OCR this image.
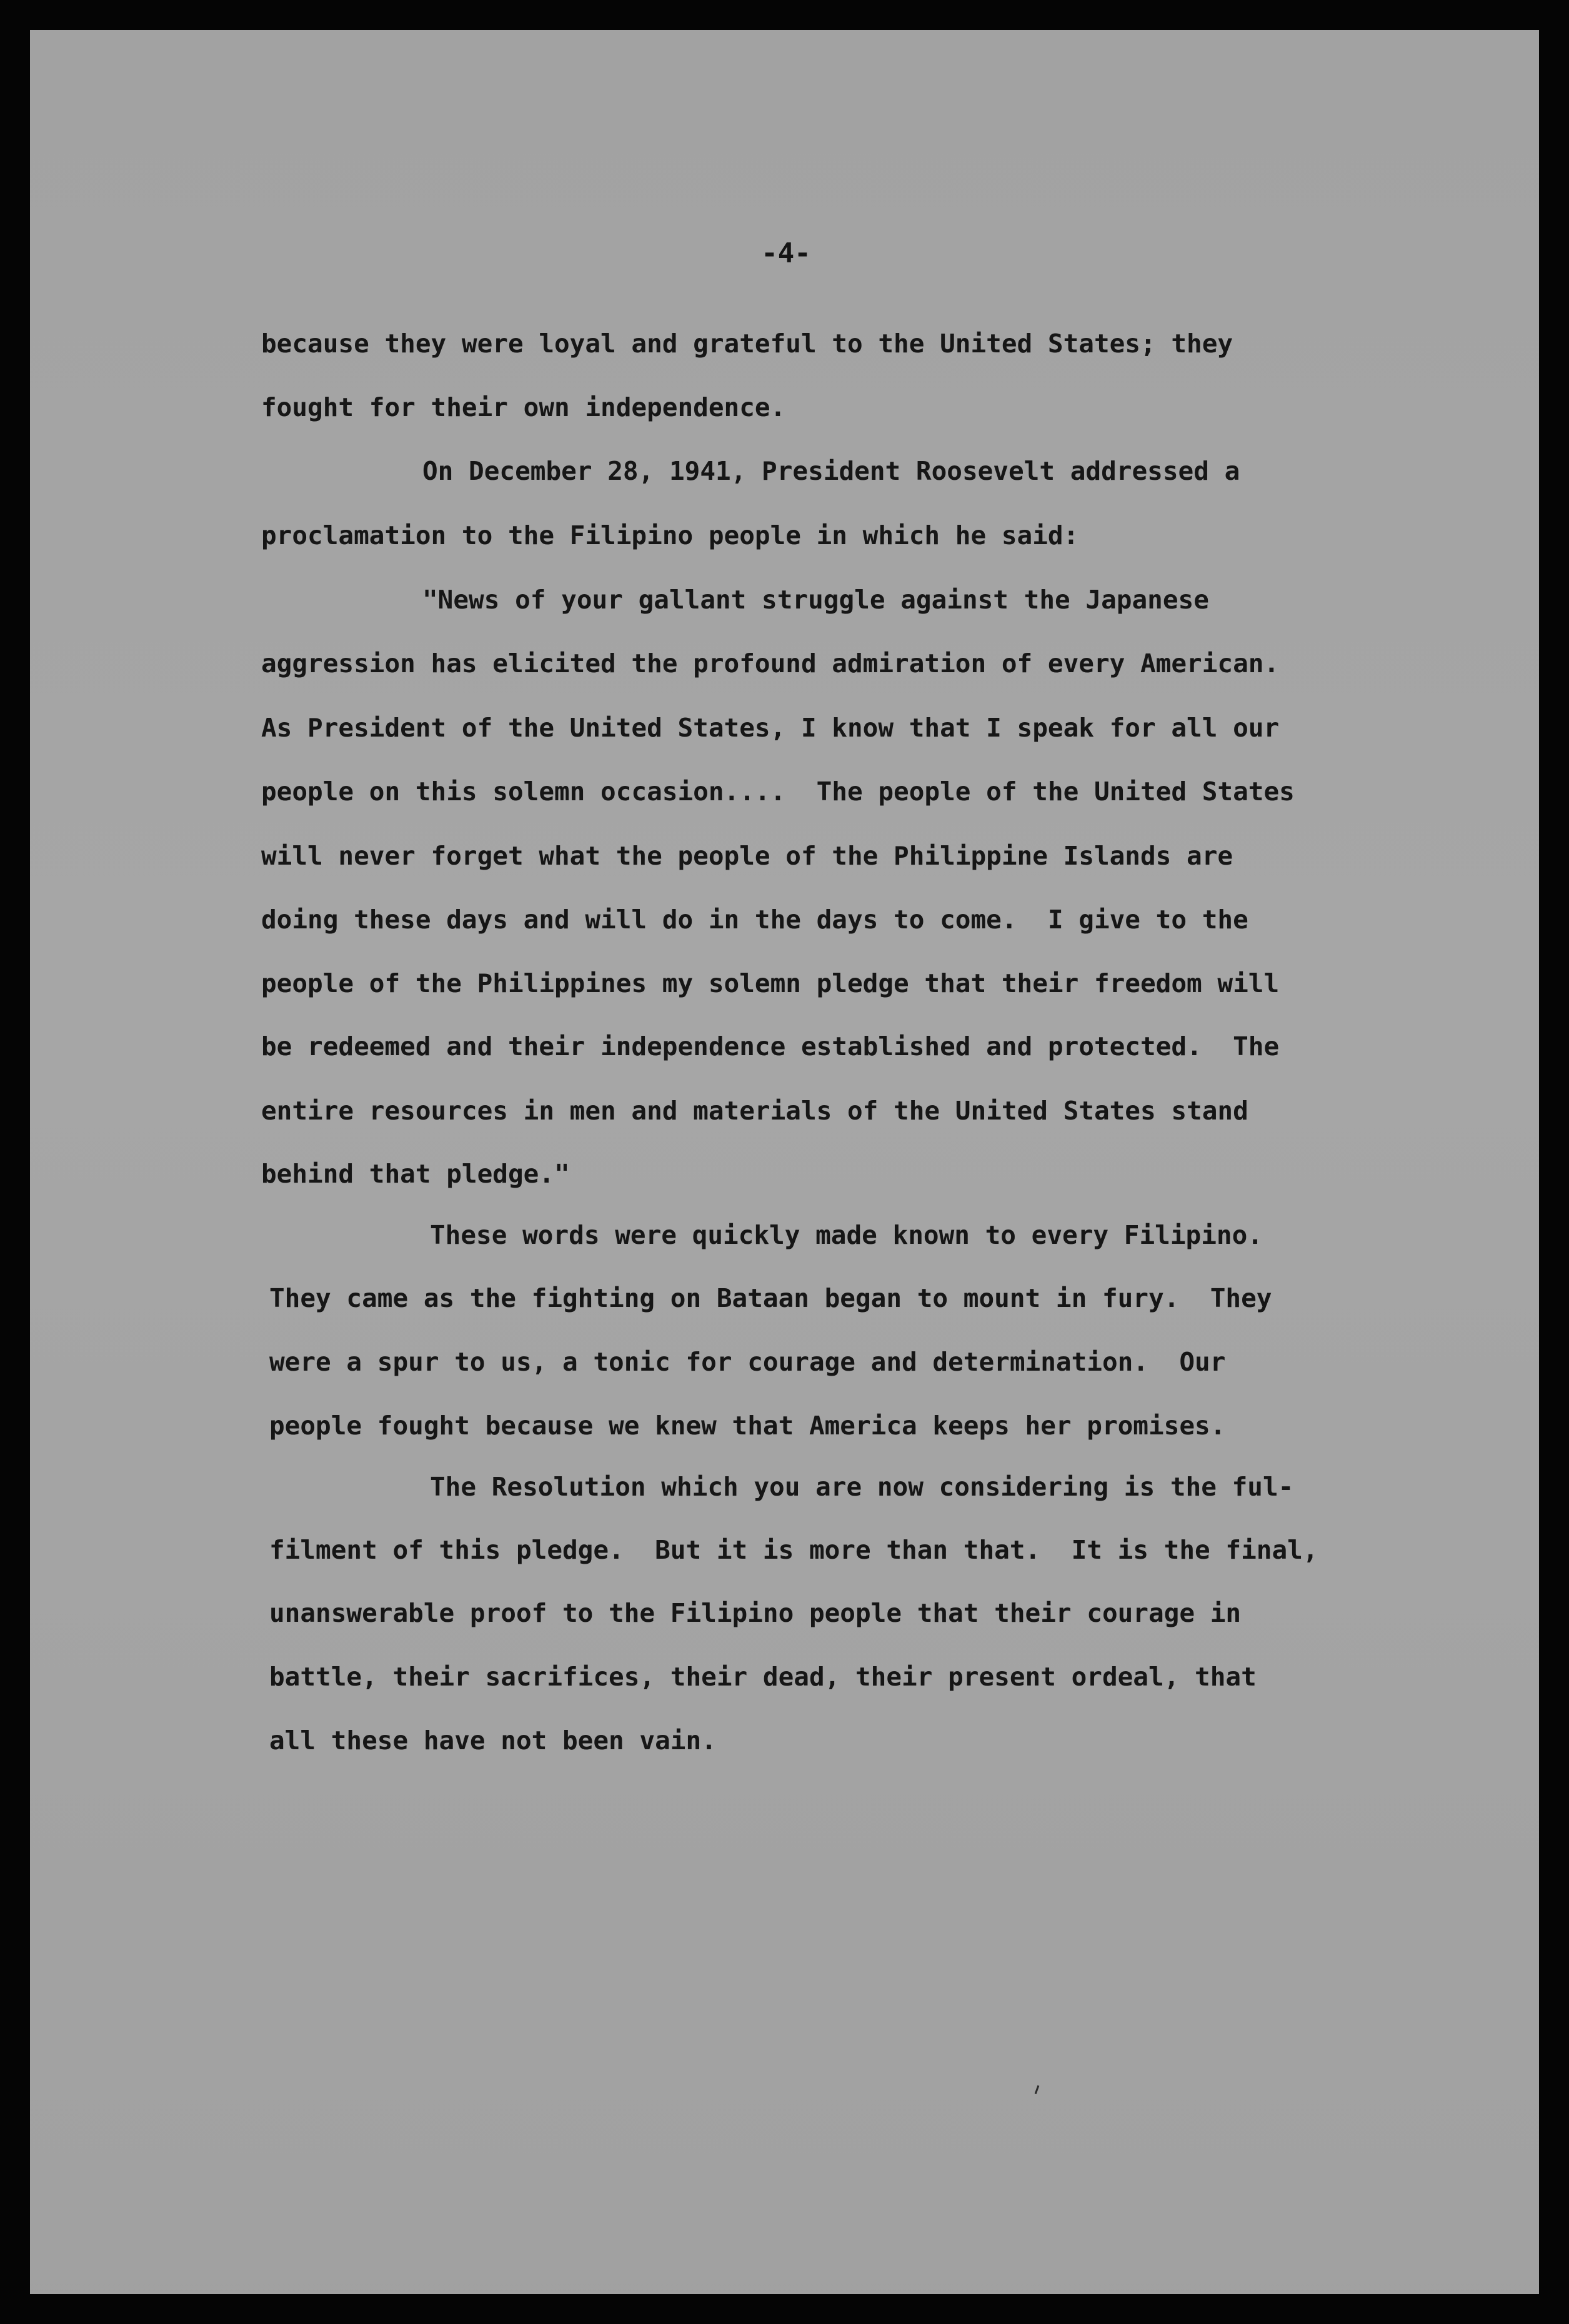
-4-
because they were loyal and grateful to the United States; they
fought for their own independence.
On December 28, 1941, President Roosevelt addressed a
proclamation to the Filipino people in which he said:
"News of your gallant struggle against the Japanese
aggression has elicited the profound admiration of every American.
As President of the United States, I know that I speak for all our
people on this solemn occasion....  The people of the United States
will never forget what the people of the Philippine Islands are
doing these days and will do in the days to come.  I give to the
people of the Philippines my solemn pledge that their freedom will
be redeemed and their independence established and protected.  The
entire resources in men and materials of the United States stand
behind that pledge."
These words were quickly made known to every Filipino.
They came as the fighting on Bataan began to mount in fury.  They
were a spur to us, a tonic for courage and determination.  Our
people fought because we knew that America keeps her promises.
The Resolution which you are now considering is the ful-
filment of this pledge.  But it is more than that.  It is the final,
unanswerable proof to the Filipino people that their courage in
battle, their sacrifices, their dead, their present ordeal, that
all these have not been vain.
